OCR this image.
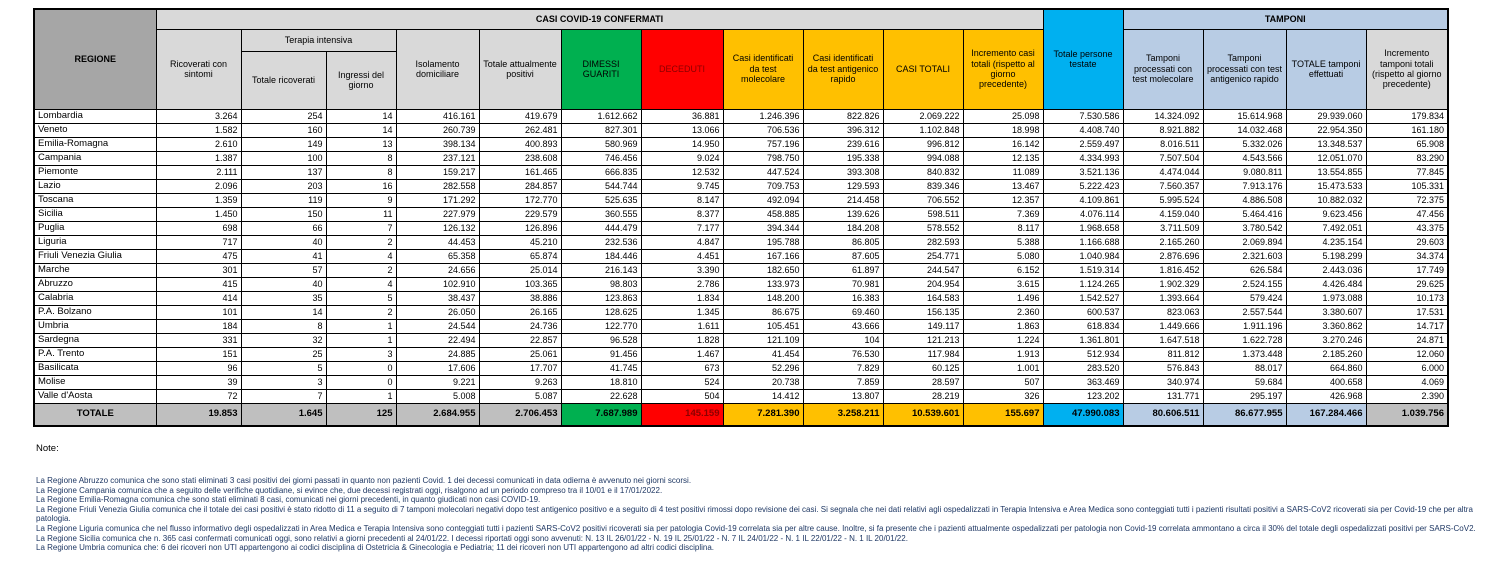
REGIONE	CASI COVID-19 CONFERMATI											Totale persone testate	TAMPONI			
	Ricoverati con sintomi	Terapia intensiva		Isolamento domiciliare	Totale attualmente positivi	DIMESSI GUARITI	DECEDUTI	Casi identificati da test molecolare	Casi identificati da test antigenico rapido	CASI TOTALI	Incremento casi totali (rispetto al giorno precedente)		Tamponi processati con test molecolare	Tamponi processati con test antigenico rapido	TOTALE tamponi effettuati	Incremento tamponi totali (rispetto al giorno precedente)
		Totale ricoverati	Ingressi del giorno													
Lombardia	3.264	254	14	416.161	419.679	1.612.662	36.881	1.246.396	822.826	2.069.222	25.098	7.530.586	14.324.092	15.614.968	29.939.060	179.834
Veneto	1.582	160	14	260.739	262.481	827.301	13.066	706.536	396.312	1.102.848	18.998	4.408.740	8.921.882	14.032.468	22.954.350	161.180
Emilia-Romagna	2.610	149	13	398.134	400.893	580.969	14.950	757.196	239.616	996.812	16.142	2.559.497	8.016.511	5.332.026	13.348.537	65.908
Campania	1.387	100	8	237.121	238.608	746.456	9.024	798.750	195.338	994.088	12.135	4.334.993	7.507.504	4.543.566	12.051.070	83.290
Piemonte	2.111	137	8	159.217	161.465	666.835	12.532	447.524	393.308	840.832	11.089	3.521.136	4.474.044	9.080.811	13.554.855	77.845
Lazio	2.096	203	16	282.558	284.857	544.744	9.745	709.753	129.593	839.346	13.467	5.222.423	7.560.357	7.913.176	15.473.533	105.331
Toscana	1.359	119	9	171.292	172.770	525.635	8.147	492.094	214.458	706.552	12.357	4.109.861	5.995.524	4.886.508	10.882.032	72.375
Sicilia	1.450	150	11	227.979	229.579	360.555	8.377	458.885	139.626	598.511	7.369	4.076.114	4.159.040	5.464.416	9.623.456	47.456
Puglia	698	66	7	126.132	126.896	444.479	7.177	394.344	184.208	578.552	8.117	1.968.658	3.711.509	3.780.542	7.492.051	43.375
Liguria	717	40	2	44.453	45.210	232.536	4.847	195.788	86.805	282.593	5.388	1.166.688	2.165.260	2.069.894	4.235.154	29.603
Friuli Venezia Giulia	475	41	4	65.358	65.874	184.446	4.451	167.166	87.605	254.771	5.080	1.040.984	2.876.696	2.321.603	5.198.299	34.374
Marche	301	57	2	24.656	25.014	216.143	3.390	182.650	61.897	244.547	6.152	1.519.314	1.816.452	626.584	2.443.036	17.749
Abruzzo	415	40	4	102.910	103.365	98.803	2.786	133.973	70.981	204.954	3.615	1.124.265	1.902.329	2.524.155	4.426.484	29.625
Calabria	414	35	5	38.437	38.886	123.863	1.834	148.200	16.383	164.583	1.496	1.542.527	1.393.664	579.424	1.973.088	10.173
P.A. Bolzano	101	14	2	26.050	26.165	128.625	1.345	86.675	69.460	156.135	2.360	600.537	823.063	2.557.544	3.380.607	17.531
Umbria	184	8	1	24.544	24.736	122.770	1.611	105.451	43.666	149.117	1.863	618.834	1.449.666	1.911.196	3.360.862	14.717
Sardegna	331	32	1	22.494	22.857	96.528	1.828	121.109	104	121.213	1.224	1.361.801	1.647.518	1.622.728	3.270.246	24.871
P.A. Trento	151	25	3	24.885	25.061	91.456	1.467	41.454	76.530	117.984	1.913	512.934	811.812	1.373.448	2.185.260	12.060
Basilicata	96	5	0	17.606	17.707	41.745	673	52.296	7.829	60.125	1.001	283.520	576.843	88.017	664.860	6.000
Molise	39	3	0	9.221	9.263	18.810	524	20.738	7.859	28.597	507	363.469	340.974	59.684	400.658	4.069
Valle d'Aosta	72	7	1	5.008	5.087	22.628	504	14.412	13.807	28.219	326	123.202	131.771	295.197	426.968	2.390
TOTALE	19.853	1.645	125	2.684.955	2.706.453	7.687.989	145.159	7.281.390	3.258.211	10.539.601	155.697	47.990.083	80.606.511	86.677.955	167.284.466	1.039.756
Note:
La Regione Abruzzo comunica che sono stati eliminati 3 casi positivi dei giorni passati in quanto non pazienti Covid. 1 dei decessi comunicati in data odierna è avvenuto nei giorni scorsi.
La Regione Campania comunica che a seguito delle verifiche quotidiane, si evince che, due decessi registrati oggi, risalgono ad un periodo compreso tra il 10/01 e il 17/01/2022.
La Regione Emilia-Romagna comunica che sono stati eliminati 8 casi, comunicati nei giorni precedenti, in quanto giudicati non casi COVID-19.
La Regione Friuli Venezia Giulia comunica che il totale dei casi positivi è stato ridotto di 11 a seguito di 7 tamponi molecolari negativi dopo test antigenico positivo e a seguito di 4 test positivi rimossi dopo revisione dei casi. Si segnala che nei dati relativi agli ospedalizzati in Terapia Intensiva e Area Medica sono conteggiati tutti i pazienti risultati positivi a SARS-CoV2 ricoverati sia per Covid-19 che per altra patologia.
La Regione Liguria comunica che nel flusso informativo degli ospedalizzati in Area Medica e Terapia Intensiva sono conteggiati tutti i pazienti SARS-CoV2 positivi ricoverati sia per patologia Covid-19 correlata sia per altre cause. Inoltre, si fa presente che i pazienti attualmente ospedalizzati per patologia non Covid-19 correlata ammontano a circa il 30% del totale degli ospedalizzati positivi per SARS-CoV2.
La Regione Sicilia comunica che n. 365 casi confermati comunicati oggi, sono relativi a giorni precedenti al 24/01/22. I decessi riportati oggi sono avvenuti: N. 13 IL 26/01/22 - N. 19 IL 25/01/22 - N. 7 IL 24/01/22 - N. 1 IL 22/01/22 - N. 1 IL 20/01/22.
La Regione Umbria comunica che: 6 dei ricoveri non UTI appartengono ai codici disciplina di Ostetricia & Ginecologia e Pediatria; 11 dei ricoveri non UTI appartengono ad altri codici disciplina.
